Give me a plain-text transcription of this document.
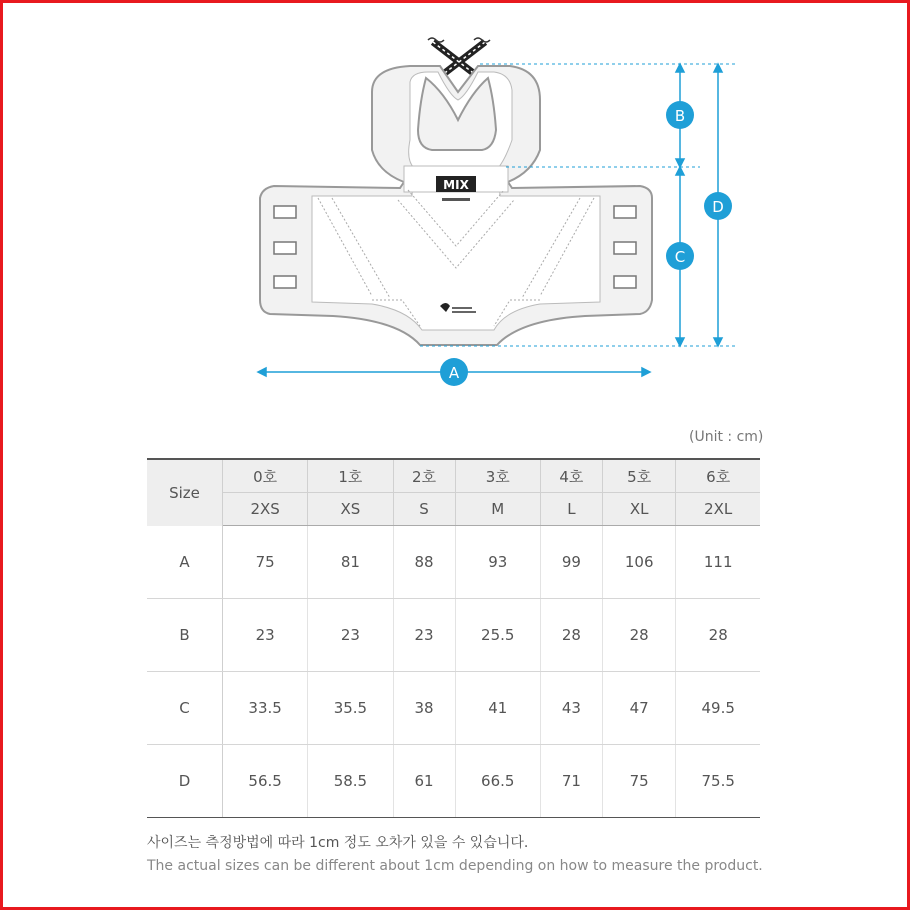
MIX
A
B
C
D
(Unit : cm)
Size	0호	1호	2호	3호	4호	5호	6호
	2XS	XS	S	M	L	XL	2XL
A	75	81	88	93	99	106	111
B	23	23	23	25.5	28	28	28
C	33.5	35.5	38	41	43	47	49.5
D	56.5	58.5	61	66.5	71	75	75.5
사이즈는 측정방법에 따라 1cm 정도 오차가 있을 수 있습니다.
The actual sizes can be different about 1cm depending on how to measure the product.
